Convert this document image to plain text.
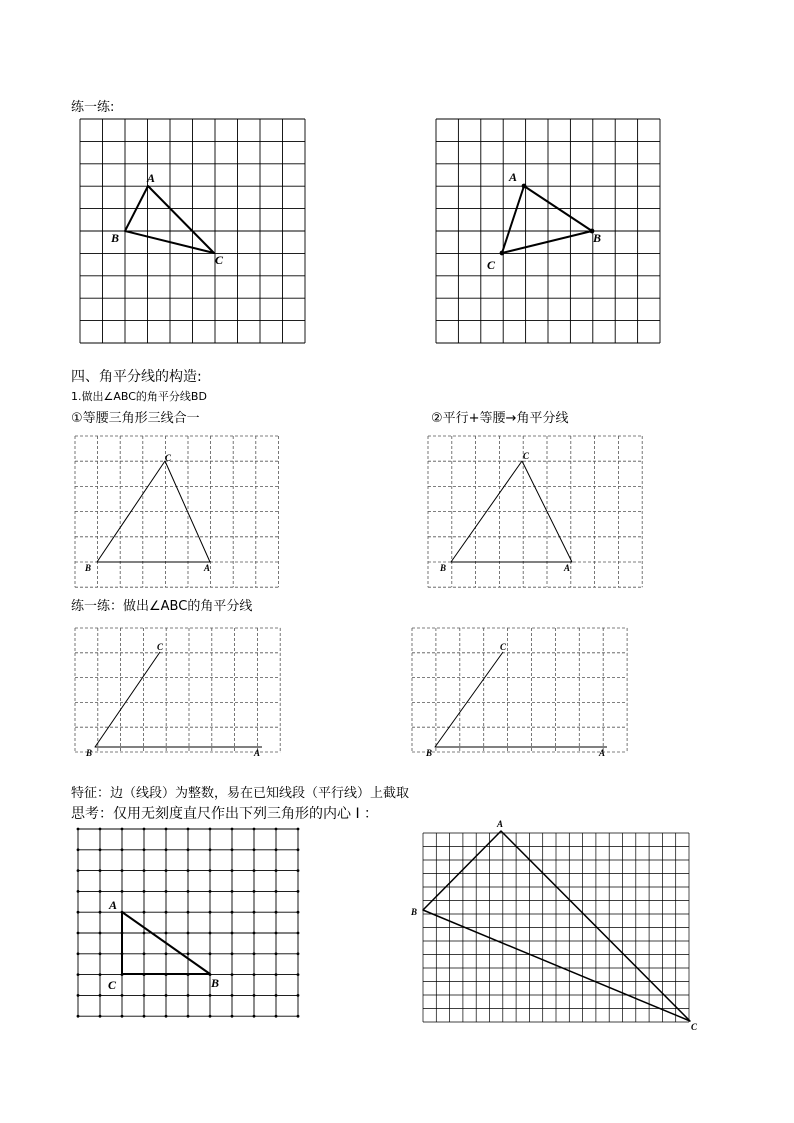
练一练:
四、角平分线的构造:
1.做出∠ABC的角平分线BD
①等腰三角形三线合一	②平行+等腰→角平分线
练一练：做出∠ABC的角平分线
特征：边（线段）为整数，易在已知线段（平行线）上截取
思考：仅用无刻度直尺作出下列三角形的内心 I ：
A
B
C
A
B
C
C
B	A
C
B	A
C
B	A
C
B	A
A
C	B
A
B
C
